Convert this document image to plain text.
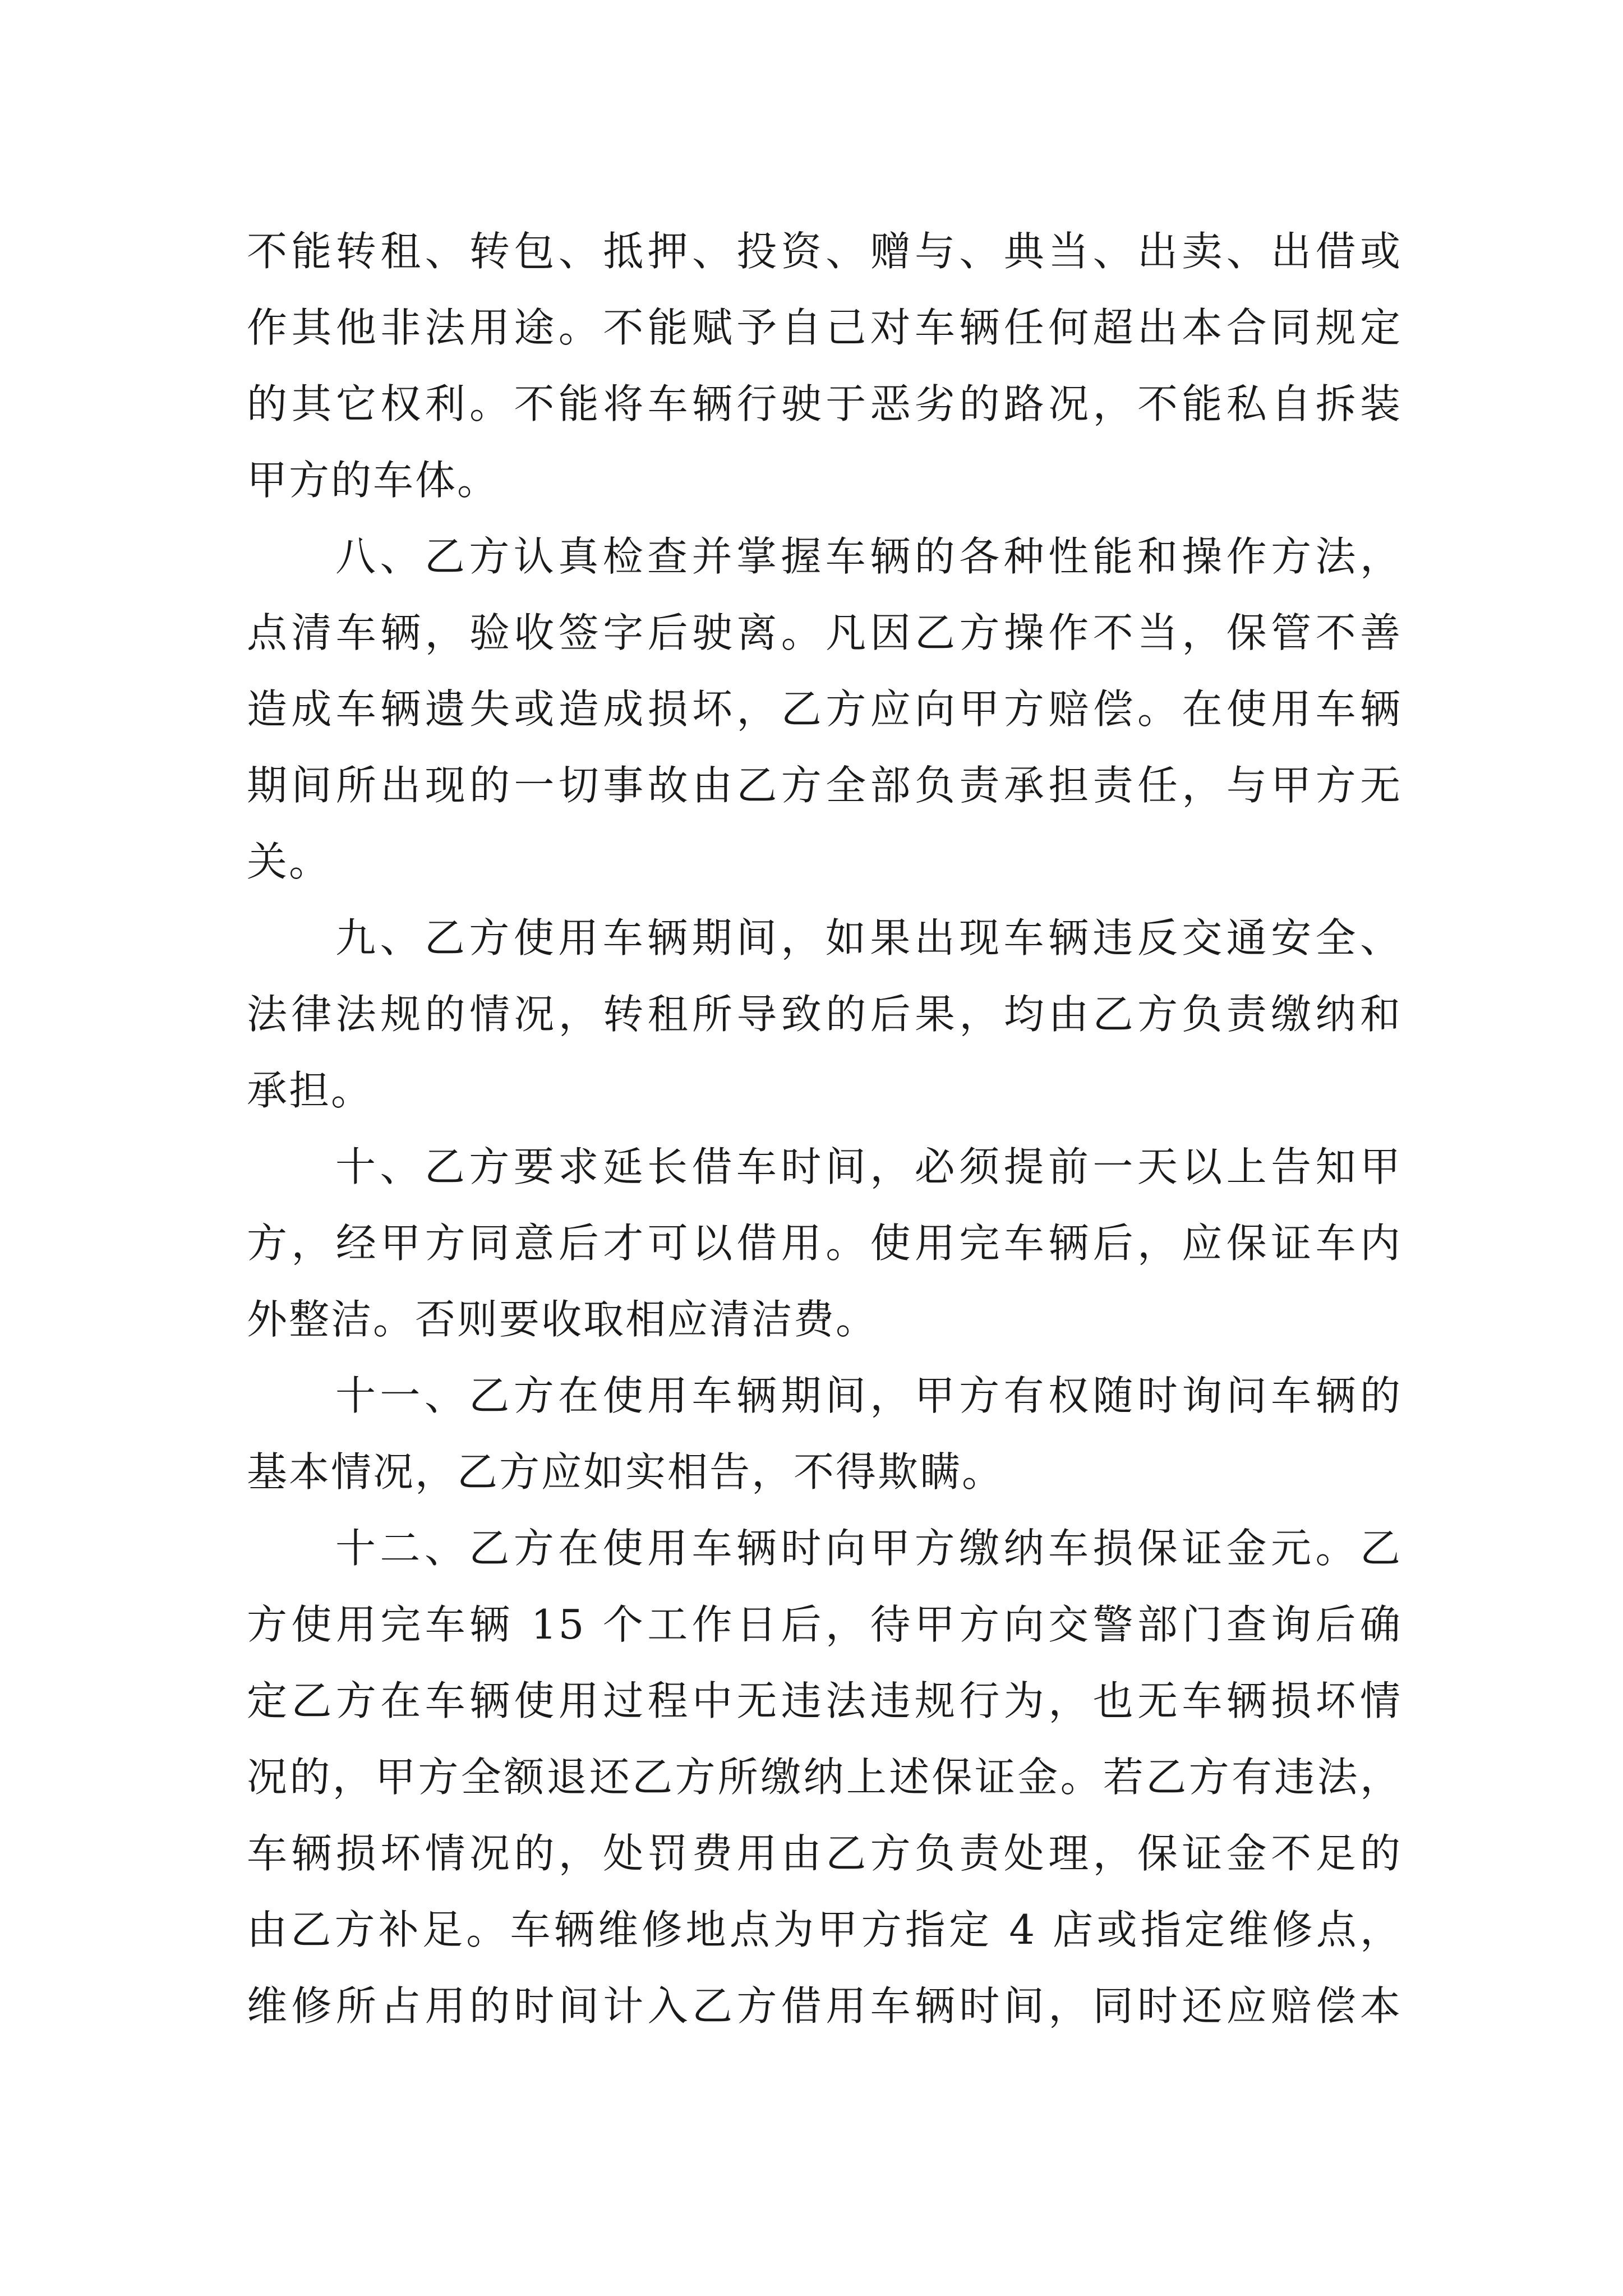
不能转租、转包、抵押、投资、赠与、典当、出卖、出借或
作其他非法用途。不能赋予自己对车辆任何超出本合同规定
的其它权利。不能将车辆行驶于恶劣的路况，不能私自拆装
甲方的车体。
八、乙方认真检查并掌握车辆的各种性能和操作方法，
点清车辆，验收签字后驶离。凡因乙方操作不当，保管不善
造成车辆遗失或造成损坏，乙方应向甲方赔偿。在使用车辆
期间所出现的一切事故由乙方全部负责承担责任，与甲方无
关。
九、乙方使用车辆期间，如果出现车辆违反交通安全、
法律法规的情况，转租所导致的后果，均由乙方负责缴纳和
承担。
十、乙方要求延长借车时间，必须提前一天以上告知甲
方，经甲方同意后才可以借用。使用完车辆后，应保证车内
外整洁。否则要收取相应清洁费。
十一、乙方在使用车辆期间，甲方有权随时询问车辆的
基本情况，乙方应如实相告，不得欺瞒。
十二、乙方在使用车辆时向甲方缴纳车损保证金元。乙
方使用完车辆 15 个工作日后，待甲方向交警部门查询后确
定乙方在车辆使用过程中无违法违规行为，也无车辆损坏情
况的，甲方全额退还乙方所缴纳上述保证金。若乙方有违法，
车辆损坏情况的，处罚费用由乙方负责处理，保证金不足的
由乙方补足。车辆维修地点为甲方指定 4 店或指定维修点，
维修所占用的时间计入乙方借用车辆时间，同时还应赔偿本
